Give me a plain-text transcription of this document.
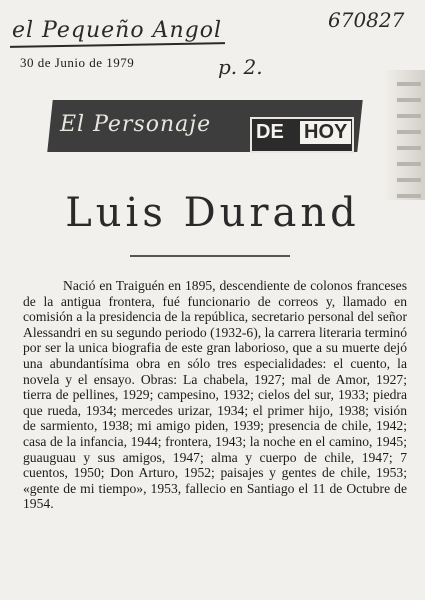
el Pequeño Angol	670827
30 de Junio de 1979	p. 2.
El Personaje DE HOY
Luis Durand

Nació en Traiguén en 1895, descendiente de colonos franceses de la antigua frontera, fué funcionario de correos y, llamado en comisión a la presidencia de la república, secretario personal del señor Alessandri en su segundo periodo (1932-6), la carrera literaria terminó por ser la unica biografia de este gran laborioso, que a su muerte dejó una abundantísima obra en sólo tres especialidades: el cuento, la novela y el ensayo. Obras: La chabela, 1927; mal de Amor, 1927; tierra de pellines, 1929; campesino, 1932; cielos del sur, 1933; piedra que rueda, 1934; mercedes urizar, 1934; el primer hijo, 1938; visión de sarmiento, 1938; mi amigo piden, 1939; presencia de chile, 1942; casa de la infancia, 1944; frontera, 1943; la noche en el camino, 1945; guauguau y sus amigos, 1947; alma y cuerpo de chile, 1947; 7 cuentos, 1950; Don Arturo, 1952; paisajes y gentes de chile, 1953; «gente de mi tiempo», 1953, fallecio en Santiago el 11 de Octubre de 1954.
